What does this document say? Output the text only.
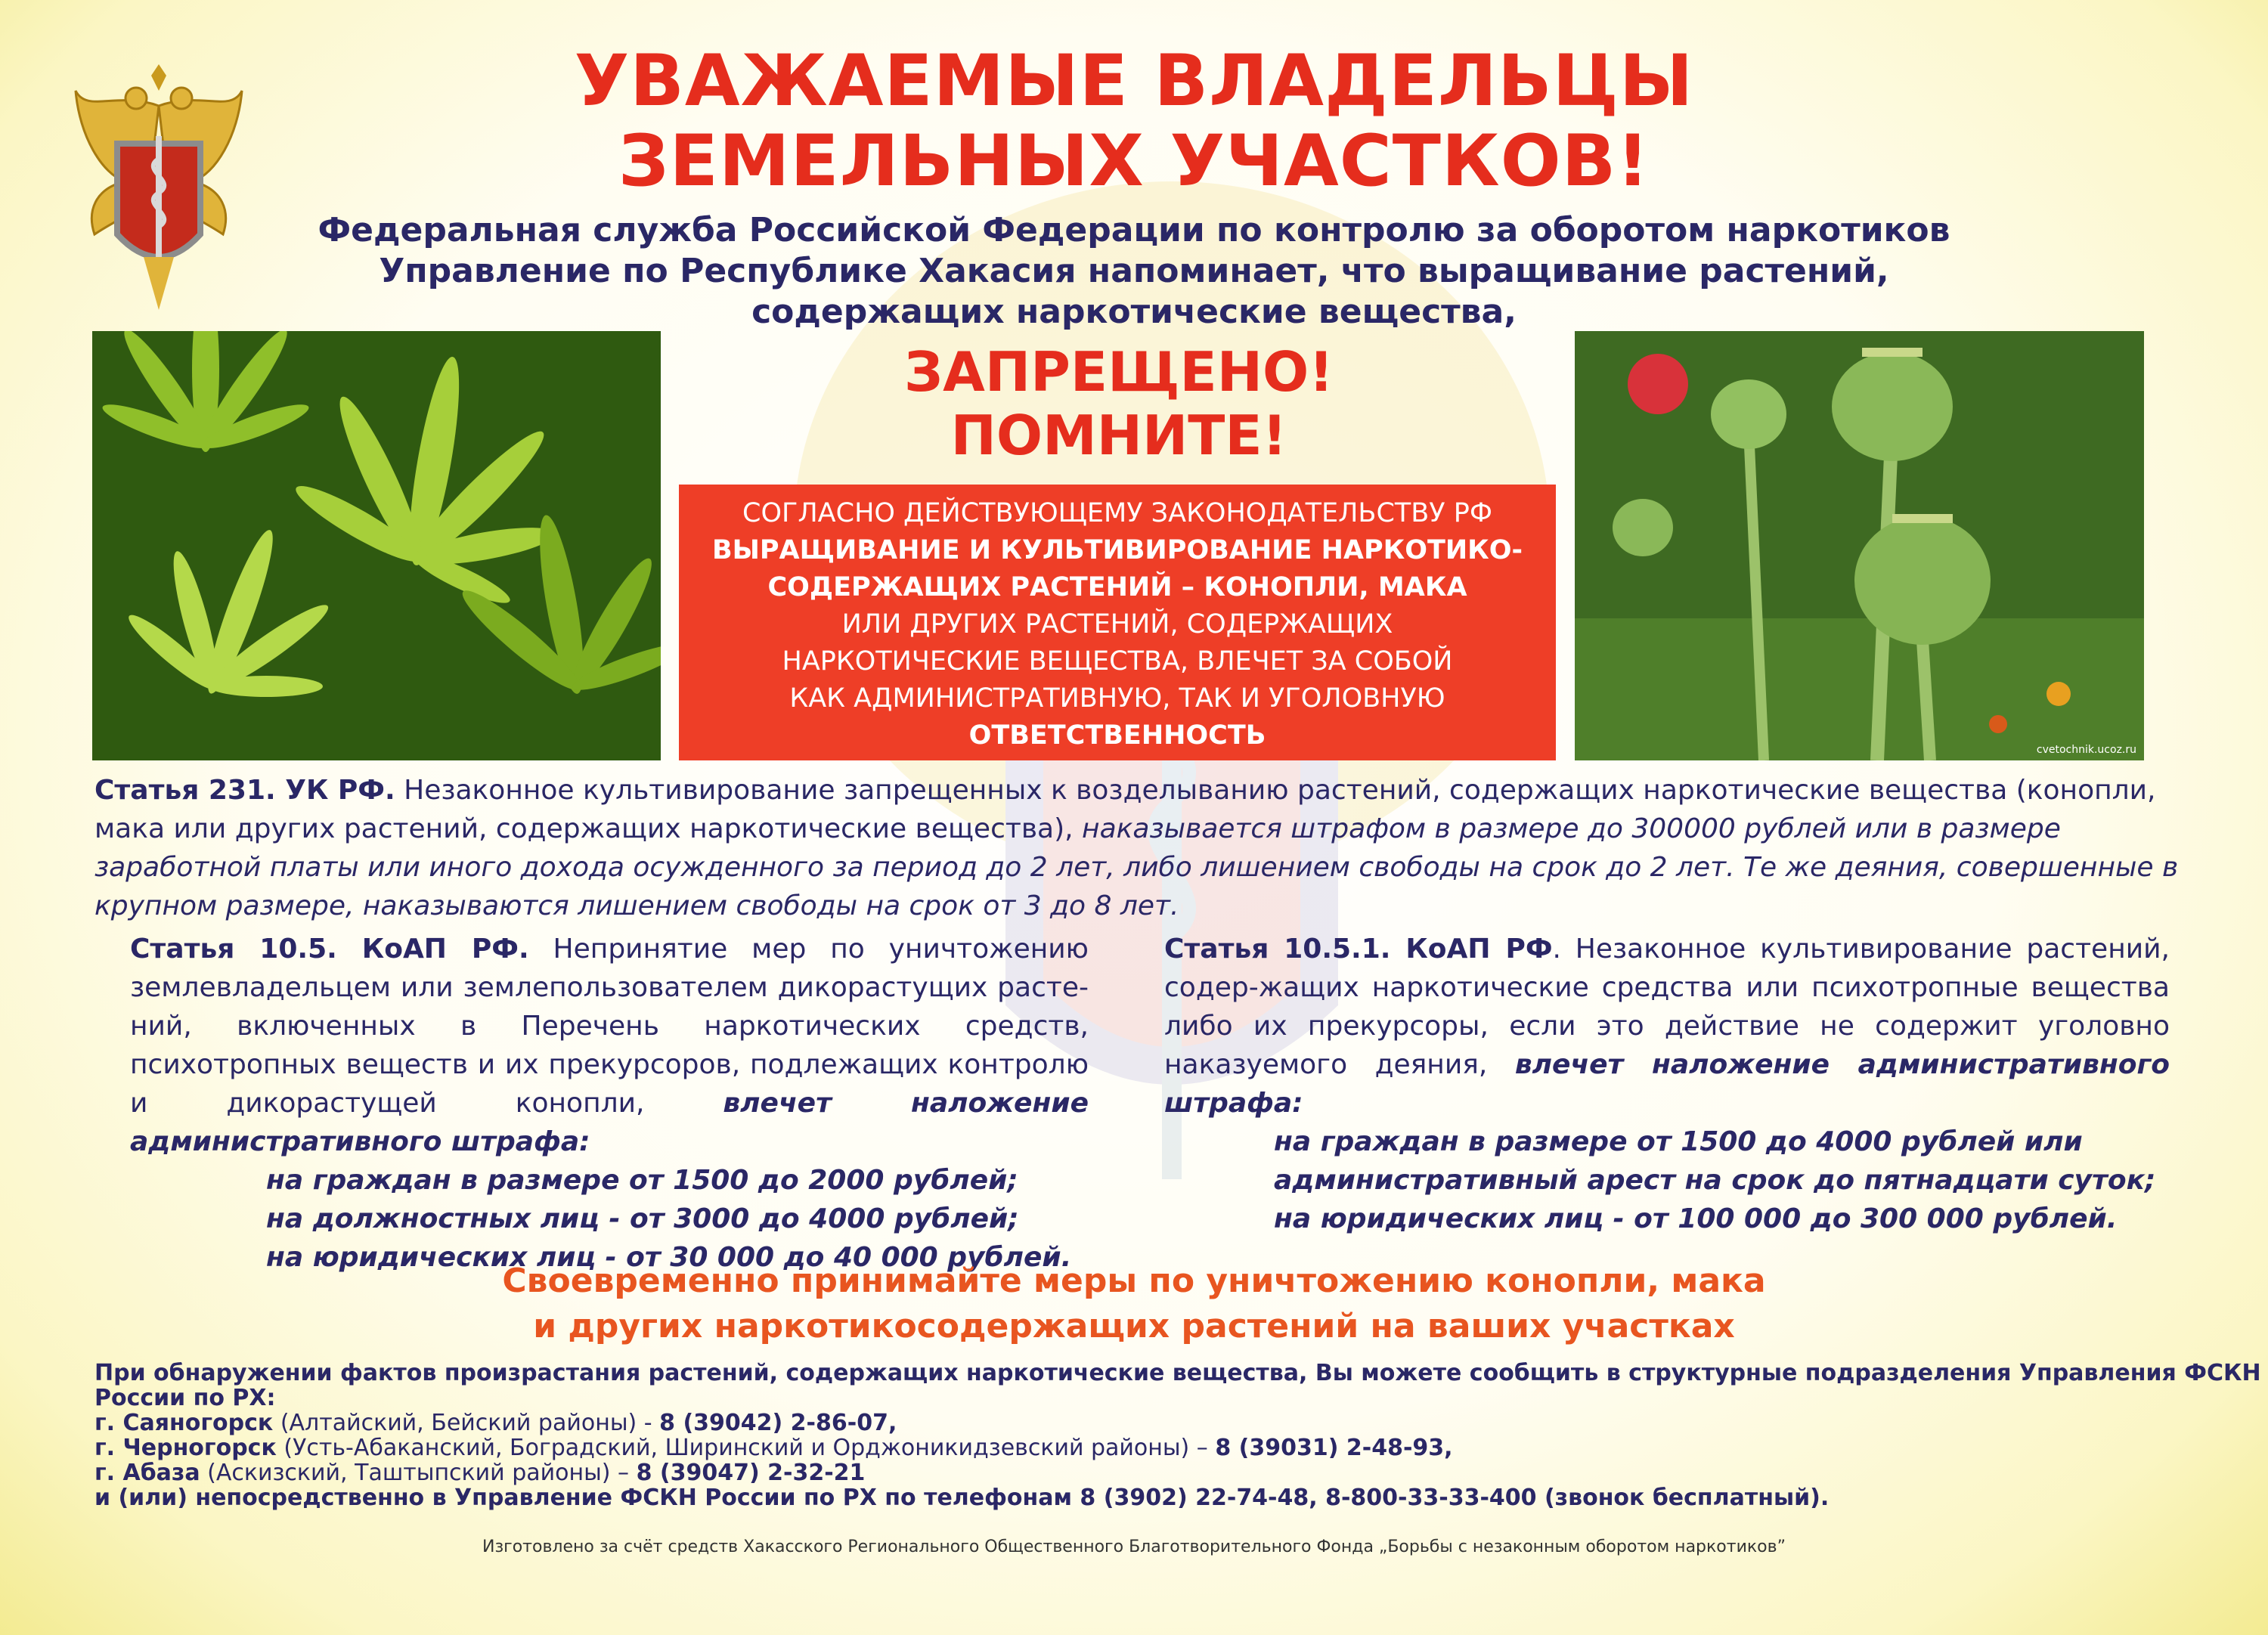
УВАЖАЕМЫЕ ВЛАДЕЛЬЦЫ
ЗЕМЕЛЬНЫХ УЧАСТКОВ!
Федеральная служба Российской Федерации по контролю за оборотом наркотиков
Управление по Республике Хакасия напоминает, что выращивание растений,
содержащих наркотические вещества,
cvetochnik.ucoz.ru
ЗАПРЕЩЕНО!
ПОМНИТЕ!
СОГЛАСНО ДЕЙСТВУЮЩЕМУ ЗАКОНОДАТЕЛЬСТВУ РФ
ВЫРАЩИВАНИЕ И КУЛЬТИВИРОВАНИЕ НАРКОТИКО-
СОДЕРЖАЩИХ РАСТЕНИЙ – КОНОПЛИ, МАКА
ИЛИ ДРУГИХ РАСТЕНИЙ, СОДЕРЖАЩИХ
НАРКОТИЧЕСКИЕ ВЕЩЕСТВА, ВЛЕЧЕТ ЗА СОБОЙ
КАК АДМИНИСТРАТИВНУЮ, ТАК И УГОЛОВНУЮ
ОТВЕТСТВЕННОСТЬ
Статья 231. УК РФ. Незаконное культивирование запрещенных к возделыванию растений, содержащих наркотические вещества (конопли, мака или других растений, содержащих наркотические вещества), наказывается штрафом в размере до 300000 рублей или в размере заработной платы или иного дохода осужденного за период до 2 лет, либо лишением свободы на срок до 2 лет. Те же деяния, совершенные в крупном размере, наказываются лишением свободы на срок от 3 до 8 лет.
Статья 10.5. КоАП РФ. Непринятие мер по уничтожению землевладельцем или землепользователем дикорастущих расте-ний, включенных в Перечень наркотических средств, психотропных веществ и их прекурсоров, подлежащих контролю и дикорастущей конопли, влечет наложение административного штрафа:
на граждан в размере от 1500 до 2000 рублей;
на должностных лиц - от 3000 до 4000 рублей;
на юридических лиц - от 30 000 до 40 000 рублей.
Статья 10.5.1. КоАП РФ. Незаконное культивирование растений, содер-жащих наркотические средства или психотропные вещества либо их прекурсоры, если это действие не содержит уголовно наказуемого деяния, влечет наложение административного штрафа:
на граждан в размере от 1500 до 4000 рублей или
административный арест на срок до пятнадцати суток;
на юридических лиц - от 100 000 до 300 000 рублей.
Своевременно принимайте меры по уничтожению конопли, мака
и других наркотикосодержащих растений на ваших участках
При обнаружении фактов произрастания растений, содержащих наркотические вещества, Вы можете сообщить в структурные подразделения Управления ФСКН
России по РХ:
г. Саяногорск (Алтайский, Бейский районы) - 8 (39042) 2-86-07,
г. Черногорск (Усть-Абаканский, Боградский, Ширинский и Орджоникидзевский районы) – 8 (39031) 2-48-93,
г. Абаза (Аскизский, Таштыпский районы) – 8 (39047) 2-32-21
и (или) непосредственно в Управление ФСКН России по РХ по телефонам 8 (3902) 22-74-48, 8-800-33-33-400 (звонок бесплатный).
Изготовлено за счёт средств Хакасского Регионального Общественного Благотворительного Фонда „Борьбы с незаконным оборотом наркотиков”
